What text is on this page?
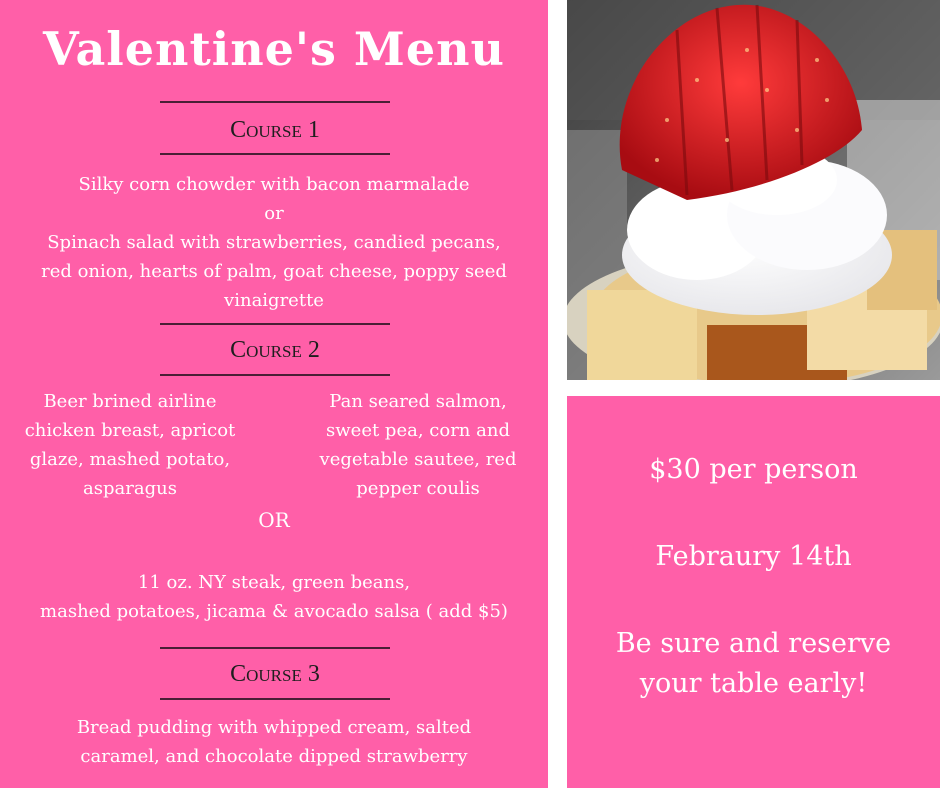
Valentine's Menu
Course 1
Silky corn chowder with bacon marmalade
or
Spinach salad with strawberries, candied pecans,
red onion, hearts of palm, goat cheese, poppy seed
vinaigrette
Course 2
Beer brined airline
chicken breast, apricot
glaze, mashed potato,
asparagus
Pan seared salmon,
sweet pea, corn and
vegetable sautee, red
pepper coulis
OR
11 oz. NY steak, green beans,
mashed potatoes, jicama & avocado salsa ( add $5)
Course 3
Bread pudding with whipped cream, salted
caramel, and chocolate dipped strawberry
$30 per person
Febraury 14th
Be sure and reserve
your table early!
